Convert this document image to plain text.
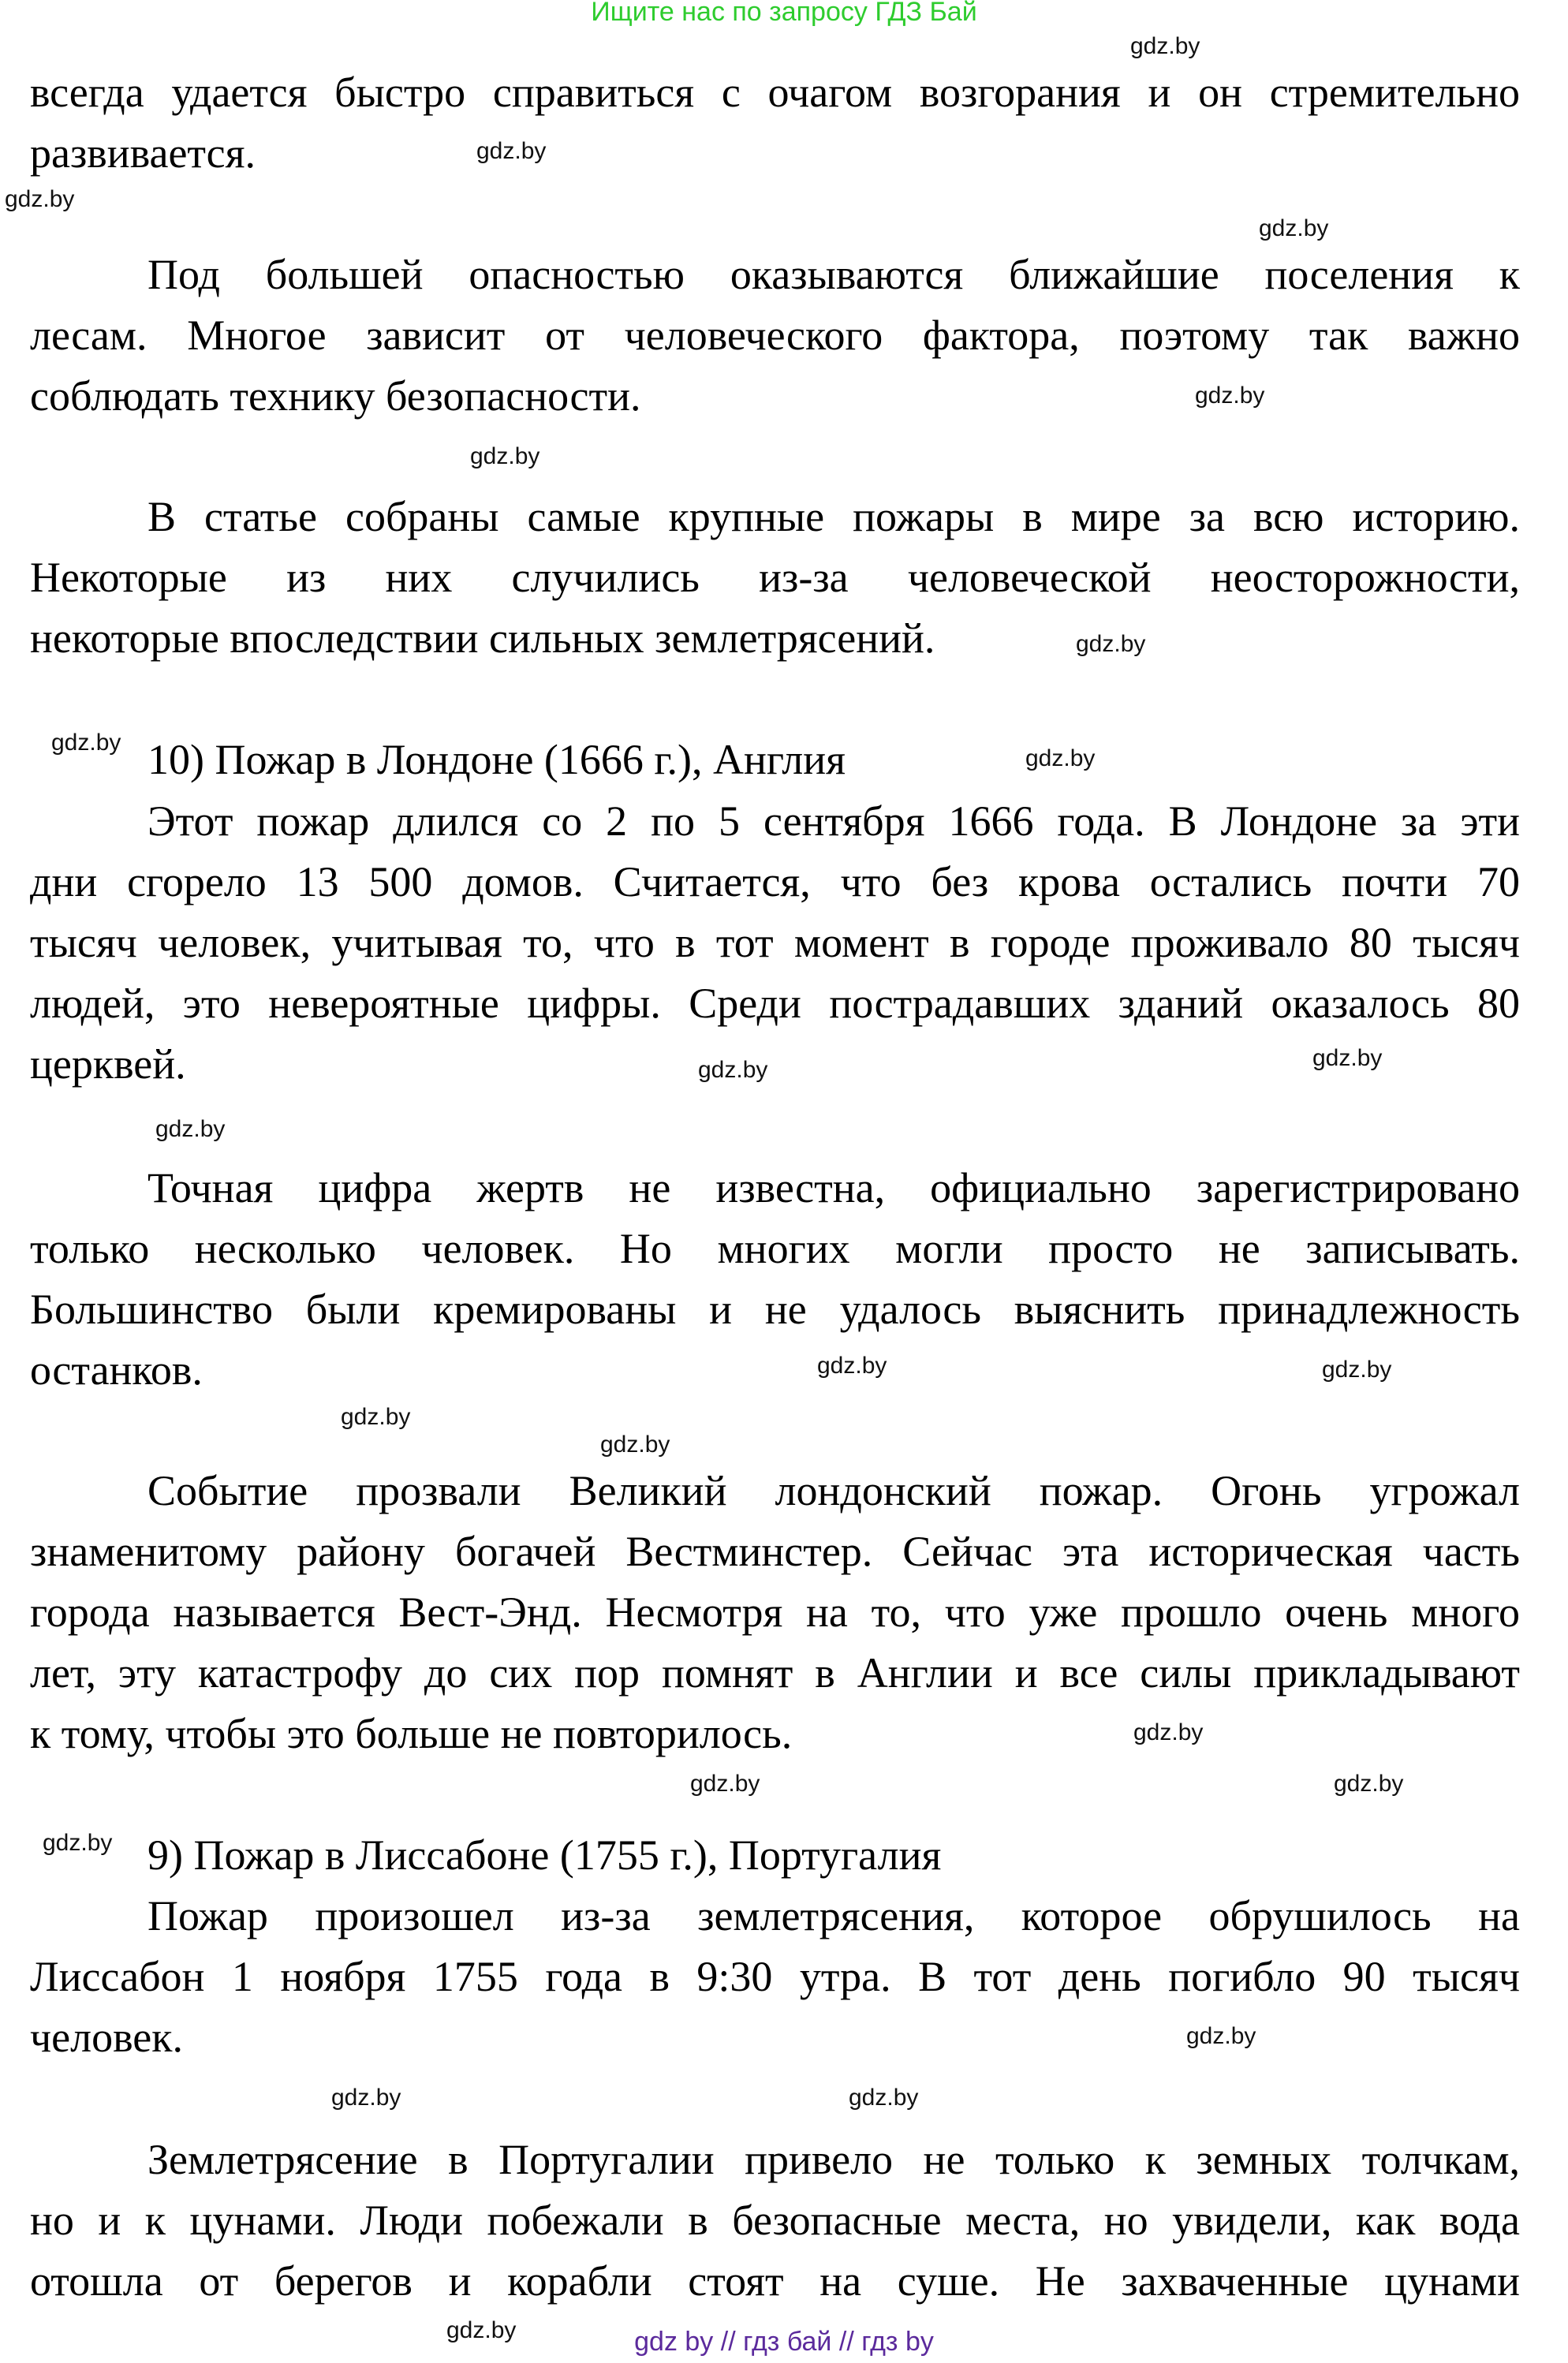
Ищите нас по запросу ГДЗ Бай
всегда удается быстро справиться с очагом возгорания и он стремительно
развивается.
Под большей опасностью оказываются ближайшие поселения к
лесам. Многое зависит от человеческого фактора, поэтому так важно
соблюдать технику безопасности.
В статье собраны самые крупные пожары в мире за всю историю.
Некоторые из них случились из-за человеческой неосторожности,
некоторые впоследствии сильных землетрясений.
10) Пожар в Лондоне (1666 г.), Англия
Этот пожар длился со 2 по 5 сентября 1666 года. В Лондоне за эти
дни сгорело 13 500 домов. Считается, что без крова остались почти 70
тысяч человек, учитывая то, что в тот момент в городе проживало 80 тысяч
людей, это невероятные цифры. Среди пострадавших зданий оказалось 80
церквей.
Точная цифра жертв не известна, официально зарегистрировано
только несколько человек. Но многих могли просто не записывать.
Большинство были кремированы и не удалось выяснить принадлежность
останков.
Событие прозвали Великий лондонский пожар. Огонь угрожал
знаменитому району богачей Вестминстер. Сейчас эта историческая часть
города называется Вест-Энд. Несмотря на то, что уже прошло очень много
лет, эту катастрофу до сих пор помнят в Англии и все силы прикладывают
к тому, чтобы это больше не повторилось.
9) Пожар в Лиссабоне (1755 г.), Португалия
Пожар произошел из-за землетрясения, которое обрушилось на
Лиссабон 1 ноября 1755 года в 9:30 утра. В тот день погибло 90 тысяч
человек.
Землетрясение в Португалии привело не только к земных толчкам,
но и к цунами. Люди побежали в безопасные места, но увидели, как вода
отошла от берегов и корабли стоят на суше. Не захваченные цунами
gdz.by
gdz.by
gdz.by
gdz.by
gdz.by
gdz.by
gdz.by
gdz.by
gdz.by
gdz.by
gdz.by
gdz.by
gdz.by
gdz.by
gdz.by
gdz.by
gdz.by
gdz.by
gdz.by
gdz.by
gdz.by
gdz.by
gdz.by
gdz.by	gdz by // гдз бай // гдз by
